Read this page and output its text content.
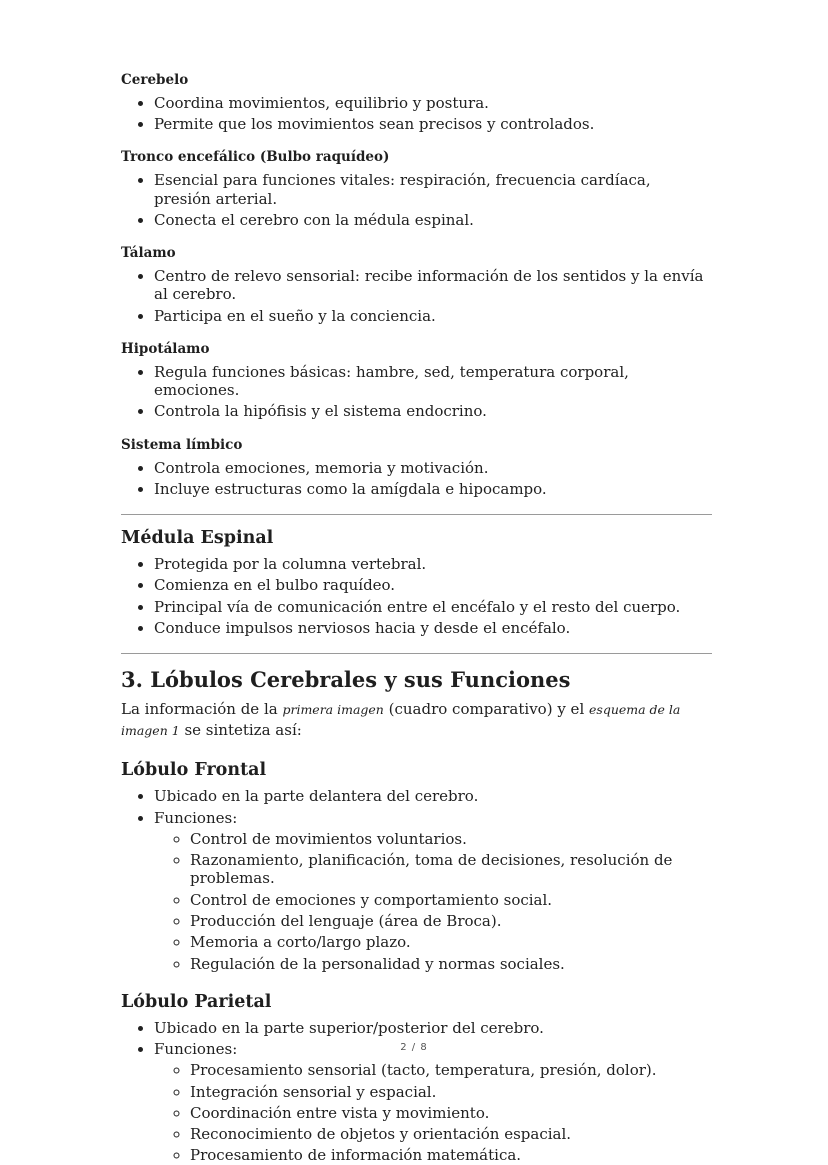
Cerebelo
• Coordina movimientos, equilibrio y postura.
• Permite que los movimientos sean precisos y controlados.
Tronco encefálico (Bulbo raquídeo)
• Esencial para funciones vitales: respiración, frecuencia cardíaca, presión arterial.
• Conecta el cerebro con la médula espinal.
Tálamo
• Centro de relevo sensorial: recibe información de los sentidos y la envía al cerebro.
• Participa en el sueño y la conciencia.
Hipotálamo
• Regula funciones básicas: hambre, sed, temperatura corporal, emociones.
• Controla la hipófisis y el sistema endocrino.
Sistema límbico
• Controla emociones, memoria y motivación.
• Incluye estructuras como la amígdala e hipocampo.
Médula Espinal
• Protegida por la columna vertebral.
• Comienza en el bulbo raquídeo.
• Principal vía de comunicación entre el encéfalo y el resto del cuerpo.
• Conduce impulsos nerviosos hacia y desde el encéfalo.
3. Lóbulos Cerebrales y sus Funciones

La información de la primera imagen (cuadro comparativo) y el esquema de la imagen 1 se sintetiza así:

Lóbulo Frontal
• Ubicado en la parte delantera del cerebro.
• Funciones:
◦ Control de movimientos voluntarios.
◦ Razonamiento, planificación, toma de decisiones, resolución de problemas.
◦ Control de emociones y comportamiento social.
◦ Producción del lenguaje (área de Broca).
◦ Memoria a corto/largo plazo.
◦ Regulación de la personalidad y normas sociales.
Lóbulo Parietal
• Ubicado en la parte superior/posterior del cerebro.
• Funciones:
◦ Procesamiento sensorial (tacto, temperatura, presión, dolor).
◦ Integración sensorial y espacial.
◦ Coordinación entre vista y movimiento.
◦ Reconocimiento de objetos y orientación espacial.
◦ Procesamiento de información matemática.
2 / 8
